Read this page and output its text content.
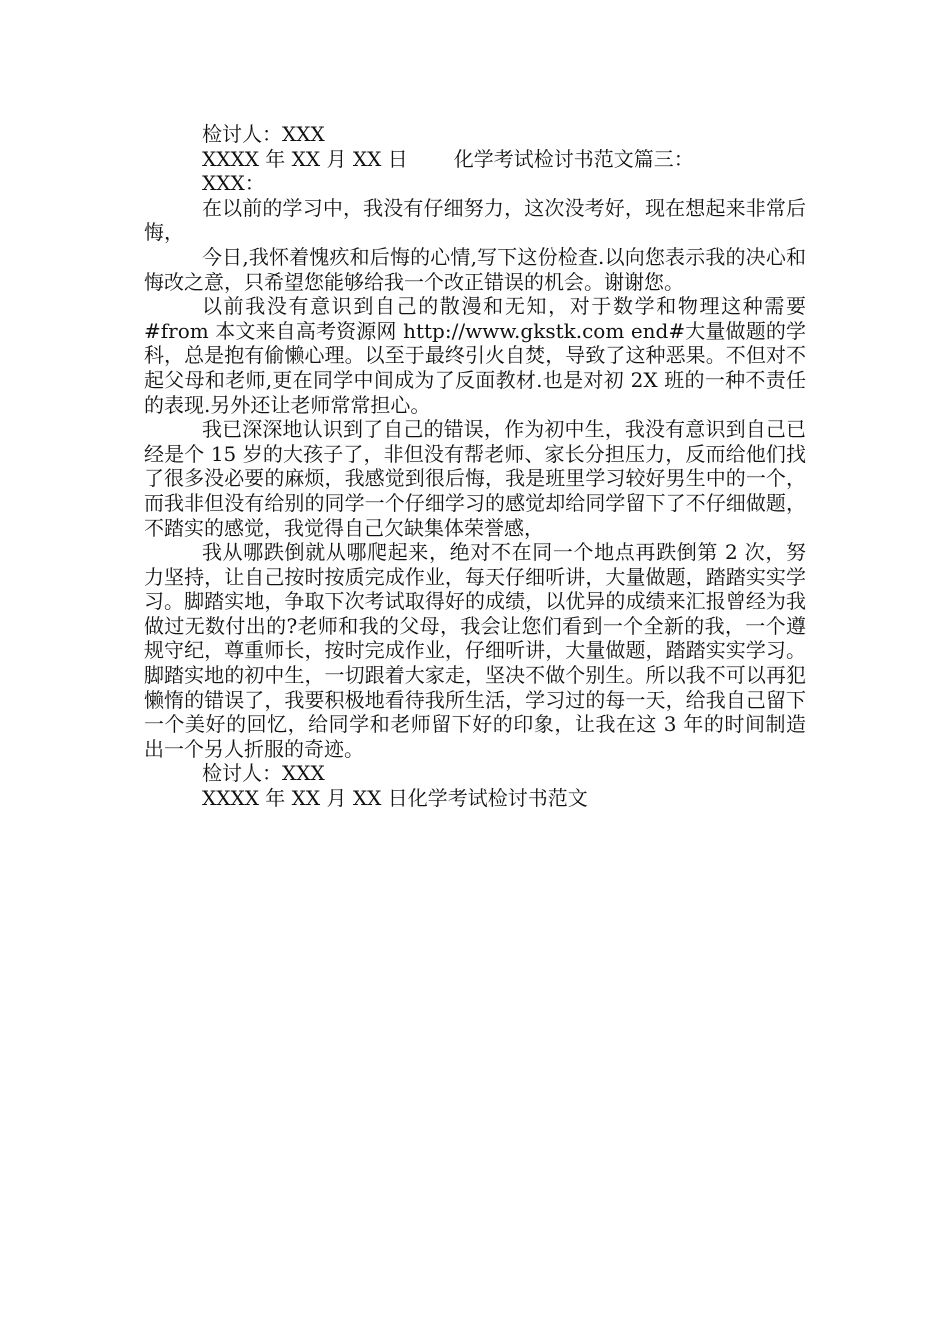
检讨人：XXX

XXXX 年 XX 月 XX 日 化学考试检讨书范文篇三：

XXX：

在以前的学习中，我没有仔细努力，这次没考好，现在想起来非常后悔，

今日,我怀着愧疚和后悔的心情,写下这份检查.以向您表示我的决心和悔改之意，只希望您能够给我一个改正错误的机会。谢谢您。

以前我没有意识到自己的散漫和无知，对于数学和物理这种需要#from 本文来自高考资源网 http://www.gkstk.com end#大量做题的学科，总是抱有偷懒心理。以至于最终引火自焚，导致了这种恶果。不但对不起父母和老师,更在同学中间成为了反面教材.也是对初 2X 班的一种不责任的表现.另外还让老师常常担心。

我已深深地认识到了自己的错误，作为初中生，我没有意识到自己已经是个 15 岁的大孩子了，非但没有帮老师、家长分担压力，反而给他们找了很多没必要的麻烦，我感觉到很后悔，我是班里学习较好男生中的一个，而我非但没有给别的同学一个仔细学习的感觉却给同学留下了不仔细做题，不踏实的感觉，我觉得自己欠缺集体荣誉感，

我从哪跌倒就从哪爬起来，绝对不在同一个地点再跌倒第 2 次，努力坚持，让自己按时按质完成作业，每天仔细听讲，大量做题，踏踏实实学习。脚踏实地，争取下次考试取得好的成绩，以优异的成绩来汇报曾经为我做过无数付出的?老师和我的父母，我会让您们看到一个全新的我，一个遵规守纪，尊重师长，按时完成作业，仔细听讲，大量做题，踏踏实实学习。脚踏实地的初中生，一切跟着大家走，坚决不做个别生。所以我不可以再犯懒惰的错误了，我要积极地看待我所生活，学习过的每一天，给我自己留下一个美好的回忆，给同学和老师留下好的印象，让我在这 3 年的时间制造出一个另人折服的奇迹。

检讨人：XXX

XXXX 年 XX 月 XX 日化学考试检讨书范文
